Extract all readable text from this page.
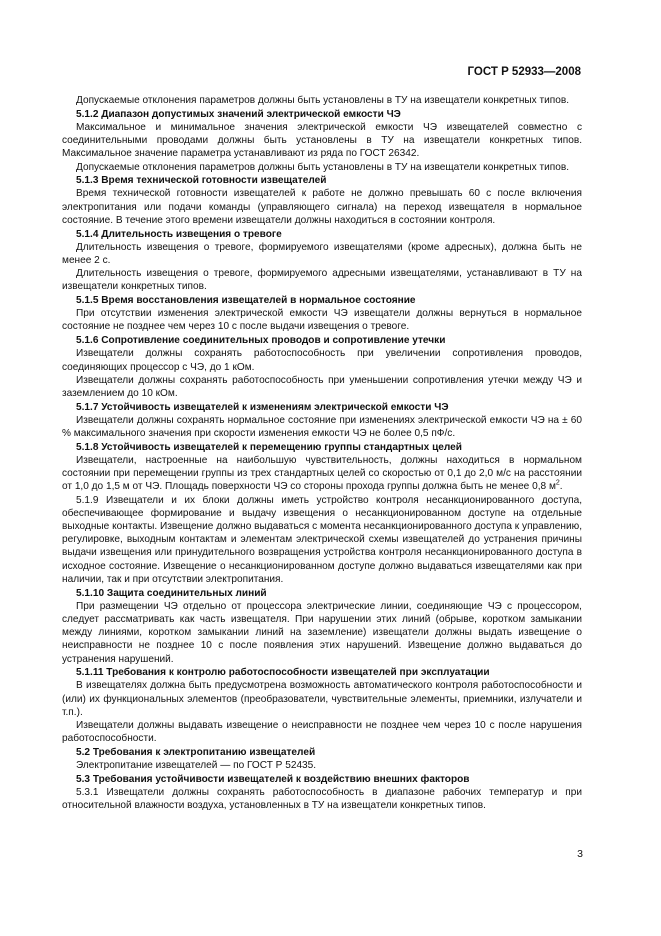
ГОСТ Р 52933—2008

Допускаемые отклонения параметров должны быть установлены в ТУ на извещатели конкретных типов.

5.1.2 Диапазон допустимых значений электрической емкости ЧЭ

Максимальное и минимальное значения электрической емкости ЧЭ извещателей совместно с соединительными проводами должны быть установлены в ТУ на извещатели конкретных типов. Максимальное значение параметра устанавливают из ряда по ГОСТ 26342.

Допускаемые отклонения параметров должны быть установлены в ТУ на извещатели конкретных типов.

5.1.3 Время технической готовности извещателей

Время технической готовности извещателей к работе не должно превышать 60 с после включения электропитания или подачи команды (управляющего сигнала) на переход извещателя в нормальное состояние. В течение этого времени извещатели должны находиться в состоянии контроля.

5.1.4 Длительность извещения о тревоге

Длительность извещения о тревоге, формируемого извещателями (кроме адресных), должна быть не менее 2 с.

Длительность извещения о тревоге, формируемого адресными извещателями, устанавливают в ТУ на извещатели конкретных типов.

5.1.5 Время восстановления извещателей в нормальное состояние

При отсутствии изменения электрической емкости ЧЭ извещатели должны вернуться в нормальное состояние не позднее чем через 10 с после выдачи извещения о тревоге.

5.1.6 Сопротивление соединительных проводов и сопротивление утечки

Извещатели должны сохранять работоспособность при увеличении сопротивления проводов, соединяющих процессор с ЧЭ, до 1 кОм.

Извещатели должны сохранять работоспособность при уменьшении сопротивления утечки между ЧЭ и заземлением до 10 кОм.

5.1.7 Устойчивость извещателей к изменениям электрической емкости ЧЭ

Извещатели должны сохранять нормальное состояние при изменениях электрической емкости ЧЭ на ± 60 % максимального значения при скорости изменения емкости ЧЭ не более 0,5 пФ/с.

5.1.8 Устойчивость извещателей к перемещению группы стандартных целей

Извещатели, настроенные на наибольшую чувствительность, должны находиться в нормальном состоянии при перемещении группы из трех стандартных целей со скоростью от 0,1 до 2,0 м/с на расстоянии от 1,0 до 1,5 м от ЧЭ. Площадь поверхности ЧЭ со стороны прохода группы должна быть не менее 0,8 $м^2$.

5.1.9 Извещатели и их блоки должны иметь устройство контроля несанкционированного доступа, обеспечивающее формирование и выдачу извещения о несанкционированном доступе на отдельные выходные контакты. Извещение должно выдаваться с момента несанкционированного доступа к управлению, регулировке, выходным контактам и элементам электрической схемы извещателей до устранения причины выдачи извещения или принудительного возвращения устройства контроля несанкционированного доступа в исходное состояние. Извещение о несанкционированном доступе должно выдаваться извещателями как при наличии, так и при отсутствии электропитания.

5.1.10 Защита соединительных линий

При размещении ЧЭ отдельно от процессора электрические линии, соединяющие ЧЭ с процессором, следует рассматривать как часть извещателя. При нарушении этих линий (обрыве, коротком замыкании между линиями, коротком замыкании линий на заземление) извещатели должны выдать извещение о неисправности не позднее 10 с после появления этих нарушений. Извещение должно выдаваться до устранения нарушений.

5.1.11 Требования к контролю работоспособности извещателей при эксплуатации

В извещателях должна быть предусмотрена возможность автоматического контроля работоспособности и (или) их функциональных элементов (преобразователи, чувствительные элементы, приемники, излучатели и т.п.).

Извещатели должны выдавать извещение о неисправности не позднее чем через 10 с после нарушения работоспособности.

5.2 Требования к электропитанию извещателей

Электропитание извещателей — по ГОСТ Р 52435.

5.3 Требования устойчивости извещателей к воздействию внешних факторов

5.3.1 Извещатели должны сохранять работоспособность в диапазоне рабочих температур и при относительной влажности воздуха, установленных в ТУ на извещатели конкретных типов.

3
